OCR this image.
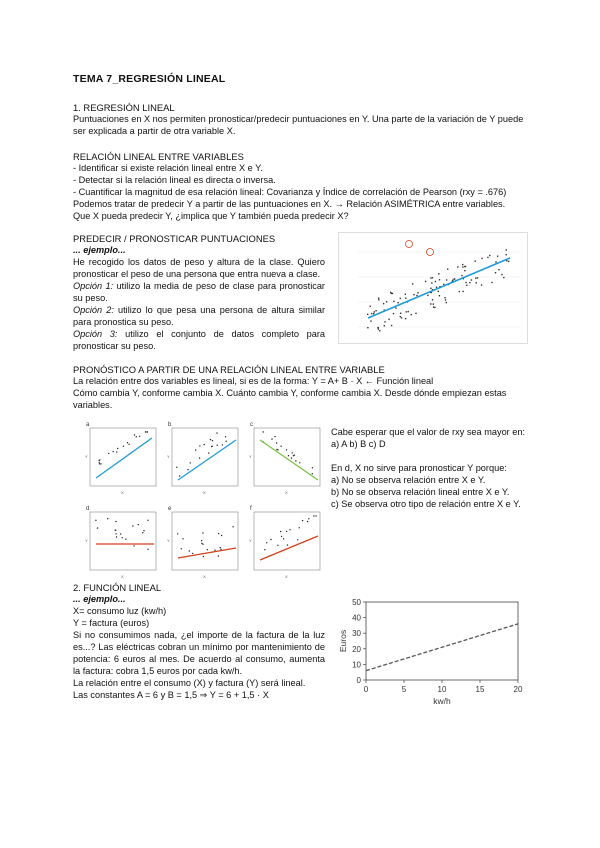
TEMA 7_REGRESIÓN LINEAL
1. REGRESIÓN LINEAL

Puntuaciones en X nos permiten pronosticar/predecir puntuaciones en Y. Una parte de la variación de Y puede

ser explicada a partir de otra variable X.

RELACIÓN LINEAL ENTRE VARIABLES

- Identificar si existe relación lineal entre X e Y.

- Detectar si la relación lineal es directa o inversa.

- Cuantificar la magnitud de esa relación lineal: Covarianza y Índice de correlación de Pearson (rxy = .676)

Podemos tratar de predecir Y a partir de las puntuaciones en X. → Relación ASIMÉTRICA entre variables.

Que X pueda predecir Y, ¿implica que Y también pueda predecir X?

PREDECIR / PRONOSTICAR PUNTUACIONES

... ejemplo...

He recogido los datos de peso y altura de la clase. Quiero pronosticar el peso de una persona que entra nueva a clase.

Opción 1: utilizo la media de peso de clase para pronosticar su peso.

Opción 2: utilizo lo que pesa una persona de altura similar para pronostica su peso.

Opción 3: utilizo el conjunto de datos completo para pronosticar su peso.

PRONÓSTICO A PARTIR DE UNA RELACIÓN LINEAL ENTRE VARIABLE

La relación entre dos variables es lineal, si es de la forma: Y = A+ B · X ← Función lineal

Cómo cambia Y, conforme cambia X. Cuánto cambia Y, conforme cambia X. Desde dónde empiezan estas

variables.

a
X
Y
b
X
Y
c
X
Y
d
X
Y
e
X
Y
f
X
Y

Cabe esperar que el valor de rxy sea mayor en:

a) A b) B c) D

En d, X no sirve para pronosticar Y porque:

a) No se observa relación entre X e Y.

b) No se observa relación lineal entre X e Y.

c) Se observa otro tipo de relación entre X e Y.

2. FUNCIÓN LINEAL

... ejemplo...

X= consumo luz (kw/h)

Y = factura (euros)

Si no consumimos nada, ¿el importe de la factura de la luz es...? Las eléctricas cobran un mínimo por mantenimiento de potencia: 6 euros al mes. De acuerdo al consumo, aumenta la factura: cobra 1,5 euros por cada kw/h.

La relación entre el consumo (X) y factura (Y) será lineal.

Las constantes A = 6 y B = 1,5 ⇒ Y = 6 + 1,5 · X

0
10
20
30
40
50
0	5	10	15	20
kw/h
Euros
